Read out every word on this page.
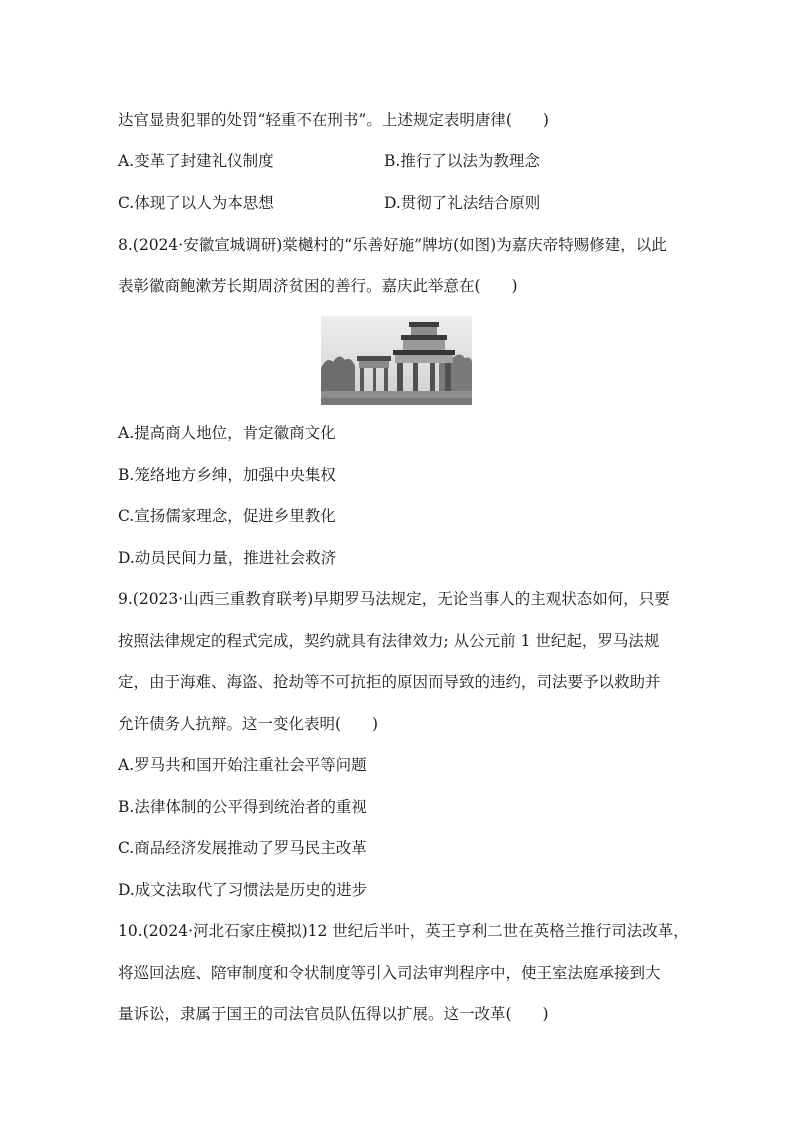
达官显贵犯罪的处罚“轻重不在刑书”。上述规定表明唐律(　　)
A.变革了封建礼仪制度	B.推行了以法为教理念
C.体现了以人为本思想	D.贯彻了礼法结合原则
8.(2024·安徽宣城调研)棠樾村的“乐善好施”牌坊(如图)为嘉庆帝特赐修建，以此
表彰徽商鲍漱芳长期周济贫困的善行。嘉庆此举意在(　　)
A.提高商人地位，肯定徽商文化
B.笼络地方乡绅，加强中央集权
C.宣扬儒家理念，促进乡里教化
D.动员民间力量，推进社会救济
9.(2023·山西三重教育联考)早期罗马法规定，无论当事人的主观状态如何，只要
按照法律规定的程式完成，契约就具有法律效力; 从公元前 1 世纪起，罗马法规
定，由于海难、海盗、抢劫等不可抗拒的原因而导致的违约，司法要予以救助并
允许债务人抗辩。这一变化表明(　　)
A.罗马共和国开始注重社会平等问题
B.法律体制的公平得到统治者的重视
C.商品经济发展推动了罗马民主改革
D.成文法取代了习惯法是历史的进步
10.(2024·河北石家庄模拟)12 世纪后半叶，英王亨利二世在英格兰推行司法改革，
将巡回法庭、陪审制度和令状制度等引入司法审判程序中，使王室法庭承接到大
量诉讼，隶属于国王的司法官员队伍得以扩展。这一改革(　　)
